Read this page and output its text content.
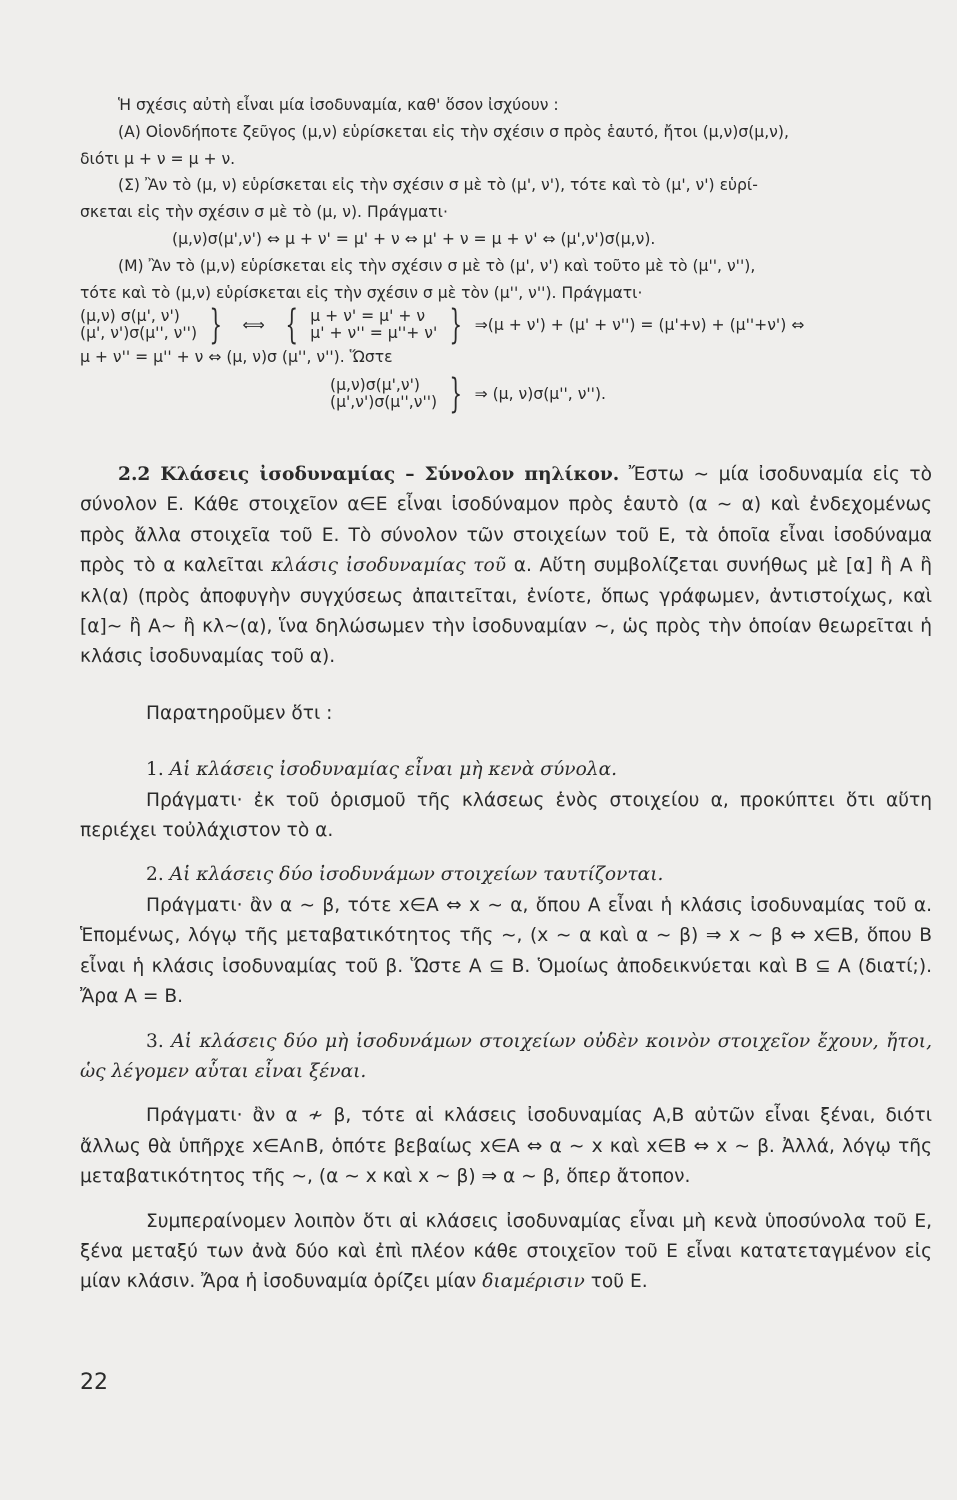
Ἡ σχέσις αὐτὴ εἶναι μία ἰσοδυναμία, καθ' ὅσον ἰσχύουν :

(Α) Οἱονδήποτε ζεῦγος (μ,ν) εὑρίσκεται εἰς τὴν σχέσιν σ πρὸς ἑαυτό, ἤτοι (μ,ν)σ(μ,ν),

διότι μ + ν = μ + ν.

(Σ) Ἂν τὸ (μ, ν) εὑρίσκεται εἰς τὴν σχέσιν σ μὲ τὸ (μ', ν'), τότε καὶ τὸ (μ', ν') εὑρί-

σκεται εἰς τὴν σχέσιν σ μὲ τὸ (μ, ν). Πράγματι·

(μ,ν)σ(μ',ν') ⇔ μ + ν' = μ' + ν ⇔ μ' + ν = μ + ν' ⇔ (μ',ν')σ(μ,ν).

(Μ) Ἂν τὸ (μ,ν) εὑρίσκεται εἰς τὴν σχέσιν σ μὲ τὸ (μ', ν') καὶ τοῦτο μὲ τὸ (μ'', ν''),

τότε καὶ τὸ (μ,ν) εὑρίσκεται εἰς τὴν σχέσιν σ μὲ τὸν (μ'', ν''). Πράγματι·

(μ,ν) σ(μ', ν')
(μ', ν')σ(μ'', ν'') } ⟺ { μ + ν' = μ' + ν
μ' + ν'' = μ''+ ν' } ⇒(μ + ν') + (μ' + ν'') = (μ'+ν) + (μ''+ν') ⇔

μ + ν'' = μ'' + ν ⇔ (μ, ν)σ (μ'', ν''). Ὥστε

(μ,ν)σ(μ',ν')
(μ',ν')σ(μ'',ν'') } ⇒ (μ, ν)σ(μ'', ν'').

2.2 Κλάσεις ἰσοδυναμίας – Σύνολον πηλίκον. Ἔστω ∼ μία ἰσοδυναμία εἰς τὸ σύνολον Ε. Κάθε στοιχεῖον α∈Ε εἶναι ἰσοδύναμον πρὸς ἑαυτὸ (α ∼ α) καὶ ἐνδεχομένως πρὸς ἄλλα στοιχεῖα τοῦ Ε. Τὸ σύνολον τῶν στοιχείων τοῦ Ε, τὰ ὁποῖα εἶναι ἰσοδύναμα πρὸς τὸ α καλεῖται κλάσις ἰσοδυναμίας τοῦ α. Αὕτη συμβολίζεται συνήθως μὲ [α] ἢ Α ἢ κλ(α) (πρὸς ἀποφυγὴν συγχύσεως ἀπαιτεῖται, ἐνίοτε, ὅπως γράφωμεν, ἀντιστοίχως, καὶ [α]∼ ἢ Α∼ ἢ κλ∼(α), ἵνα δηλώσωμεν τὴν ἰσοδυναμίαν ∼, ὡς πρὸς τὴν ὁποίαν θεωρεῖται ἡ κλάσις ἰσοδυναμίας τοῦ α).

Παρατηροῦμεν ὅτι :

1. Αἱ κλάσεις ἰσοδυναμίας εἶναι μὴ κενὰ σύνολα.

Πράγματι· ἐκ τοῦ ὁρισμοῦ τῆς κλάσεως ἑνὸς στοιχείου α, προκύπτει ὅτι αὕτη περιέχει τοὐλάχιστον τὸ α.

2. Αἱ κλάσεις δύο ἰσοδυνάμων στοιχείων ταυτίζονται.

Πράγματι· ἂν α ∼ β, τότε x∈A ⇔ x ∼ α, ὅπου Α εἶναι ἡ κλάσις ἰσοδυναμίας τοῦ α. Ἑπομένως, λόγῳ τῆς μεταβατικότητος τῆς ∼, (x ∼ α καὶ α ∼ β) ⇒ x ∼ β ⇔ x∈B, ὅπου Β εἶναι ἡ κλάσις ἰσοδυναμίας τοῦ β. Ὥστε Α ⊆ Β. Ὁμοίως ἀποδεικνύεται καὶ Β ⊆ Α (διατί;). Ἄρα Α = Β.

3. Αἱ κλάσεις δύο μὴ ἰσοδυνάμων στοιχείων οὐδὲν κοινὸν στοιχεῖον ἔχουν, ἤτοι, ὡς λέγομεν αὗται εἶναι ξέναι.

Πράγματι· ἂν α ≁ β, τότε αἱ κλάσεις ἰσοδυναμίας Α,Β αὐτῶν εἶναι ξέναι, διότι ἄλλως θὰ ὑπῆρχε x∈A∩B, ὁπότε βεβαίως x∈A ⇔ α ∼ x καὶ x∈B ⇔ x ∼ β. Ἀλλά, λόγῳ τῆς μεταβατικότητος τῆς ∼, (α ∼ x καὶ x ∼ β) ⇒ α ∼ β, ὅπερ ἄτοπον.

Συμπεραίνομεν λοιπὸν ὅτι αἱ κλάσεις ἰσοδυναμίας εἶναι μὴ κενὰ ὑποσύνολα τοῦ Ε, ξένα μεταξύ των ἀνὰ δύο καὶ ἐπὶ πλέον κάθε στοιχεῖον τοῦ Ε εἶναι κατατεταγμένον εἰς μίαν κλάσιν. Ἄρα ἡ ἰσοδυναμία ὁρίζει μίαν διαμέρισιν τοῦ Ε.

22
